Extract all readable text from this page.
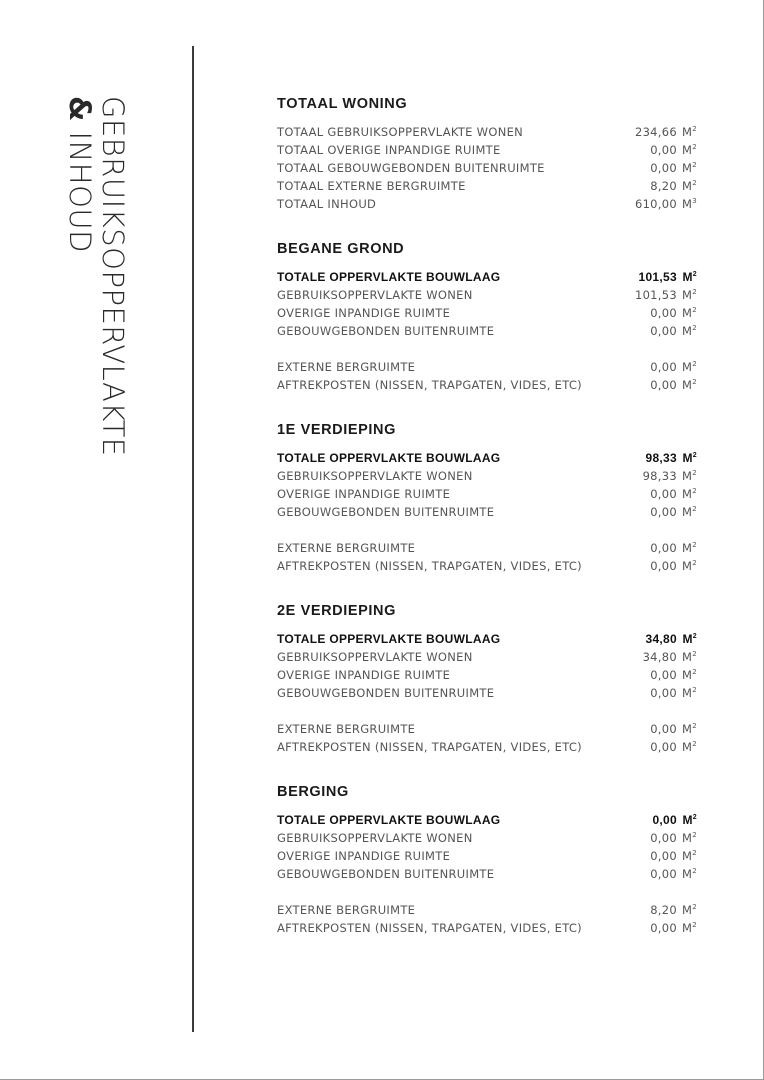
GEBRUIKSOPPERVLAKTE
& INHOUD
TOTAAL WONING
TOTAAL GEBRUIKSOPPERVLAKTE WONEN	234,66 $M^2$
TOTAAL OVERIGE INPANDIGE RUIMTE	0,00 $M^2$
TOTAAL GEBOUWGEBONDEN BUITENRUIMTE	0,00 $M^2$
TOTAAL EXTERNE BERGRUIMTE	8,20 $M^2$
TOTAAL INHOUD	610,00 $M^3$
BEGANE GROND
TOTALE OPPERVLAKTE BOUWLAAG	101,53 $M^2$
GEBRUIKSOPPERVLAKTE WONEN	101,53 $M^2$
OVERIGE INPANDIGE RUIMTE	0,00 $M^2$
GEBOUWGEBONDEN BUITENRUIMTE	0,00 $M^2$
EXTERNE BERGRUIMTE	0,00 $M^2$
AFTREKPOSTEN (NISSEN, TRAPGATEN, VIDES, ETC)	0,00 $M^2$
1E VERDIEPING
TOTALE OPPERVLAKTE BOUWLAAG	98,33 $M^2$
GEBRUIKSOPPERVLAKTE WONEN	98,33 $M^2$
OVERIGE INPANDIGE RUIMTE	0,00 $M^2$
GEBOUWGEBONDEN BUITENRUIMTE	0,00 $M^2$
EXTERNE BERGRUIMTE	0,00 $M^2$
AFTREKPOSTEN (NISSEN, TRAPGATEN, VIDES, ETC)	0,00 $M^2$
2E VERDIEPING
TOTALE OPPERVLAKTE BOUWLAAG	34,80 $M^2$
GEBRUIKSOPPERVLAKTE WONEN	34,80 $M^2$
OVERIGE INPANDIGE RUIMTE	0,00 $M^2$
GEBOUWGEBONDEN BUITENRUIMTE	0,00 $M^2$
EXTERNE BERGRUIMTE	0,00 $M^2$
AFTREKPOSTEN (NISSEN, TRAPGATEN, VIDES, ETC)	0,00 $M^2$
BERGING
TOTALE OPPERVLAKTE BOUWLAAG	0,00 $M^2$
GEBRUIKSOPPERVLAKTE WONEN	0,00 $M^2$
OVERIGE INPANDIGE RUIMTE	0,00 $M^2$
GEBOUWGEBONDEN BUITENRUIMTE	0,00 $M^2$
EXTERNE BERGRUIMTE	8,20 $M^2$
AFTREKPOSTEN (NISSEN, TRAPGATEN, VIDES, ETC)	0,00 $M^2$
